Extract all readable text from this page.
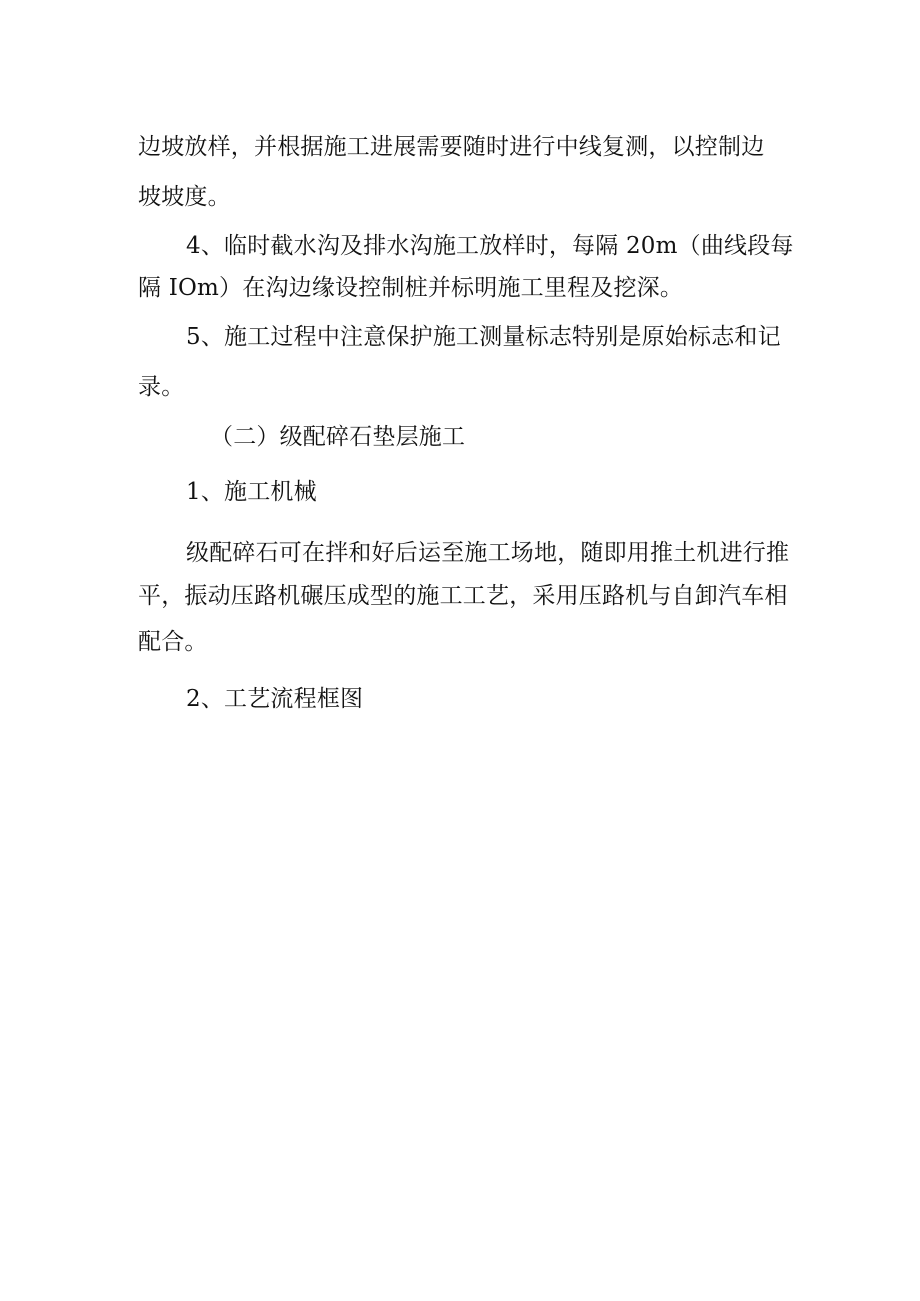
边坡放样，并根据施工进展需要随时进行中线复测，以控制边
坡坡度。
4、临时截水沟及排水沟施工放样时，每隔 20m（曲线段每
隔 IOm）在沟边缘设控制桩并标明施工里程及挖深。
5、施工过程中注意保护施工测量标志特别是原始标志和记
录。
（二）级配碎石垫层施工
1、施工机械
级配碎石可在拌和好后运至施工场地，随即用推土机进行推
平，振动压路机碾压成型的施工工艺，采用压路机与自卸汽车相
配合。
2、工艺流程框图
